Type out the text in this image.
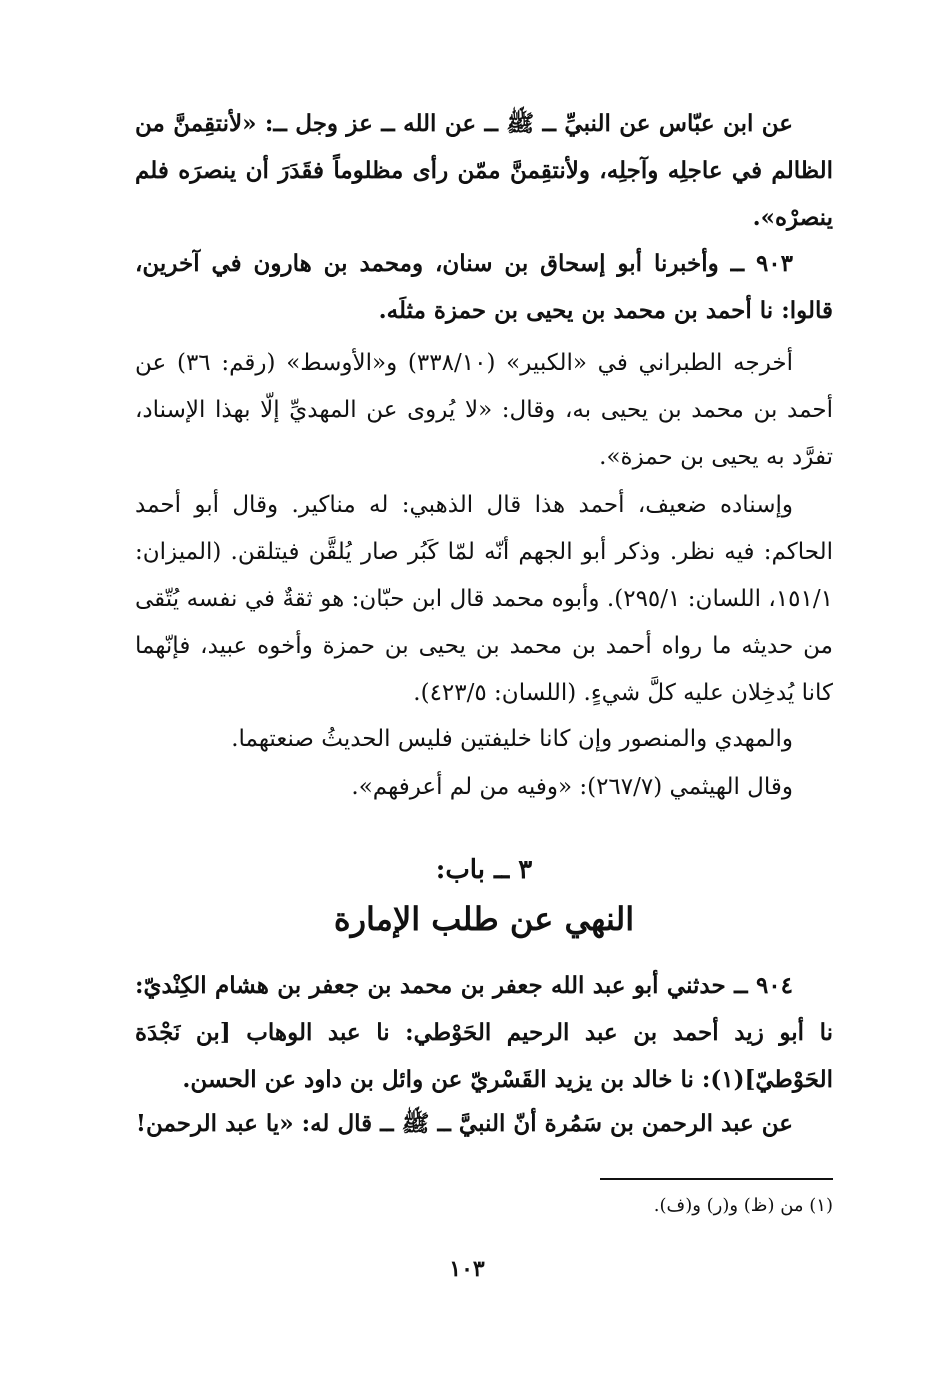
عن ابن عبّاس عن النبيِّ ــ ﷺ ــ عن الله ــ عز وجل ــ: «لأنتقِمنَّ من الظالم في عاجلِه وآجلِه، ولأنتقِمنَّ ممّن رأى مظلوماً فقَدَرَ أن ينصرَه فلم ينصرْه».

٩٠٣ ــ وأخبرنا أبو إسحاق بن سنان، ومحمد بن هارون في آخرين، قالوا: نا أحمد بن محمد بن يحيى بن حمزة مثلَه.

أخرجه الطبراني في «الكبير» (٣٣٨/١٠) و«الأوسط» (رقم: ٣٦) عن أحمد بن محمد بن يحيى به، وقال: «لا يُروى عن المهديِّ إلّا بهذا الإسناد، تفرَّد به يحيى بن حمزة».

وإسناده ضعيف، أحمد هذا قال الذهبي: له مناكير. وقال أبو أحمد الحاكم: فيه نظر. وذكر أبو الجهم أنّه لمّا كَبُر صار يُلقَّن فيتلقن. (الميزان: ١٥١/١، اللسان: ٢٩٥/١). وأبوه محمد قال ابن حبّان: هو ثقةٌ في نفسه يُتّقى من حديثه ما رواه أحمد بن محمد بن يحيى بن حمزة وأخوه عبيد، فإنّهما كانا يُدخِلان عليه كلَّ شيءٍ. (اللسان: ٤٢٣/٥).

والمهدي والمنصور وإن كانا خليفتين فليس الحديثُ صنعتهما.

وقال الهيثمي (٢٦٧/٧): «وفيه من لم أعرفهم».

٣ ــ باب:

النهي عن طلب الإمارة

٩٠٤ ــ حدثني أبو عبد الله جعفر بن محمد بن جعفر بن هشام الكِنْديّ: نا أبو زيد أحمد بن عبد الرحيم الحَوْطي: نا عبد الوهاب [بن نَجْدَة الحَوْطيّ](١): نا خالد بن يزيد القَسْريّ عن وائل بن داود عن الحسن.

عن عبد الرحمن بن سَمُرة أنّ النبيَّ ــ ﷺ ــ قال له: «يا عبد الرحمن!

(١) من (ظ) و(ر) و(ف).

١٠٣
